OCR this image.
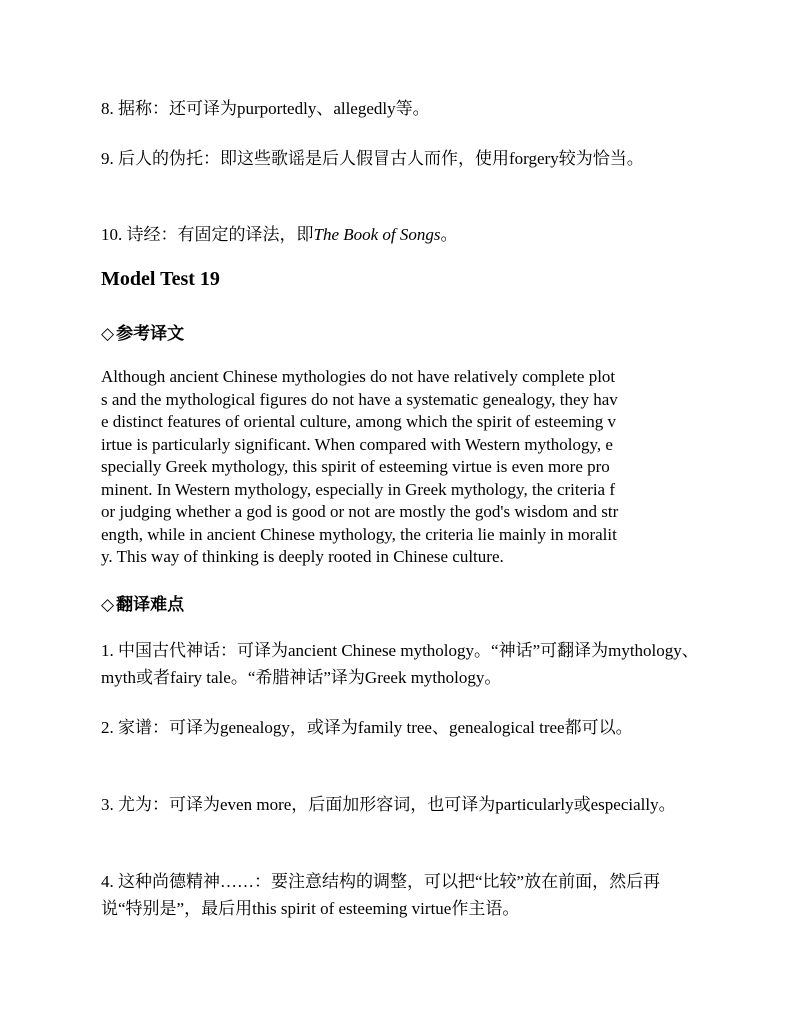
8. 据称：还可译为purportedly、allegedly等。

9. 后人的伪托：即这些歌谣是后人假冒古人而作，使用forgery较为恰当。

10. 诗经：有固定的译法，即The Book of Songs。

Model Test 19
◇ 参考译文

Although ancient Chinese mythologies do not have relatively complete plot
s and the mythological figures do not have a systematic genealogy, they hav
e distinct features of oriental culture, among which the spirit of esteeming v
irtue is particularly significant. When compared with Western mythology, e
specially Greek mythology, this spirit of esteeming virtue is even more pro
minent. In Western mythology, especially in Greek mythology, the criteria f
or judging whether a god is good or not are mostly the god's wisdom and str
ength, while in ancient Chinese mythology, the criteria lie mainly in moralit
y. This way of thinking is deeply rooted in Chinese culture.

◇ 翻译难点

1. 中国古代神话：可译为ancient Chinese mythology。“神话”可翻译为mythology、myth或者fairy tale。“希腊神话”译为Greek mythology。

2. 家谱：可译为genealogy，或译为family tree、genealogical tree都可以。

3. 尤为：可译为even more，后面加形容词，也可译为particularly或especially。

4. 这种尚德精神……：要注意结构的调整，可以把“比较”放在前面，然后再说“特别是”，最后用this spirit of esteeming virtue作主语。
